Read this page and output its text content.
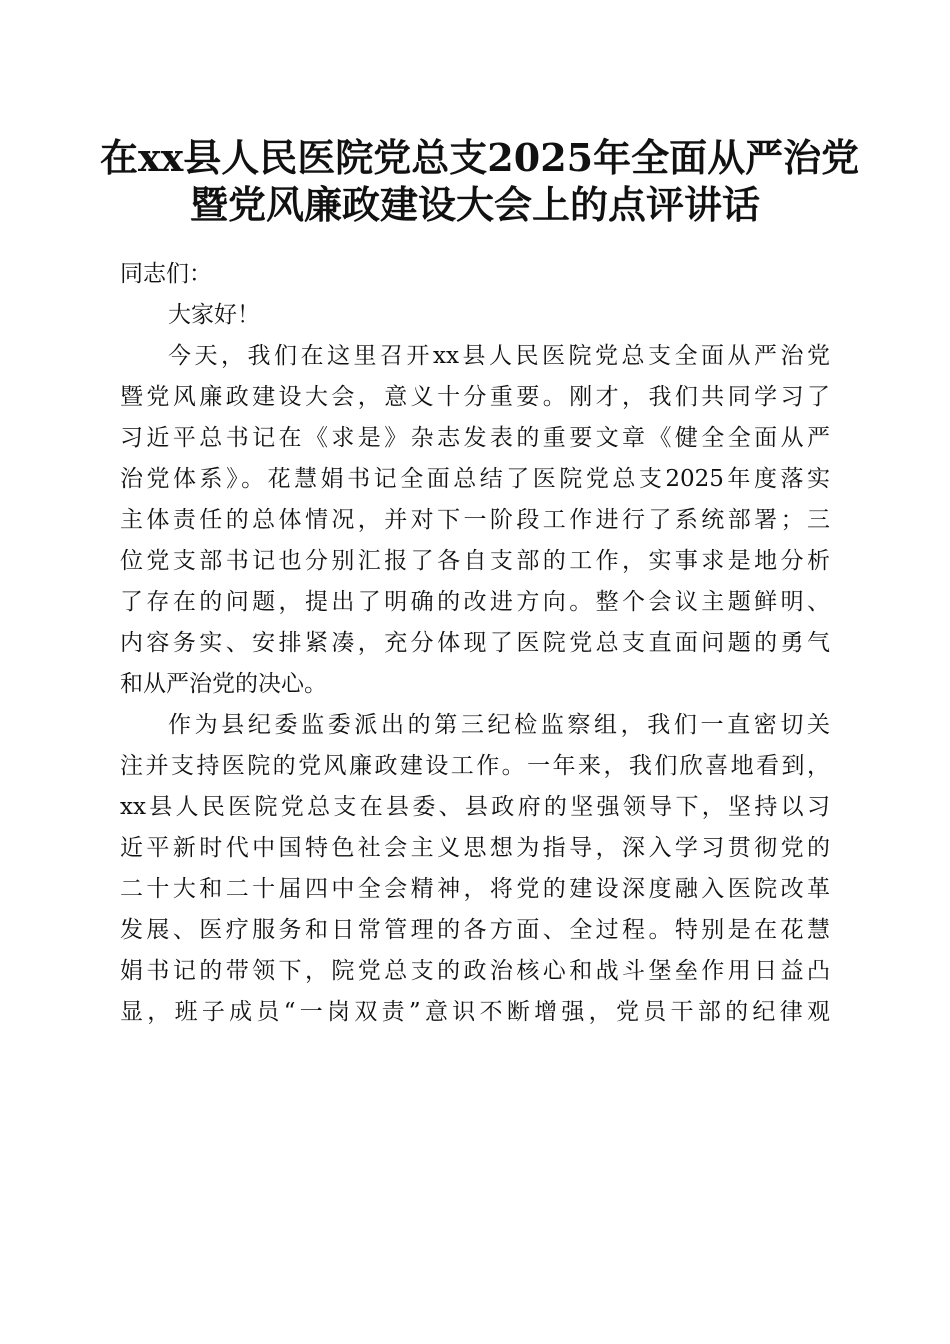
在xx县人民医院党总支2025年全面从严治党
暨党风廉政建设大会上的点评讲话
同志们：
大家好！
今天，我们在这里召开xx县人民医院党总支全面从严治党
暨党风廉政建设大会，意义十分重要。刚才，我们共同学习了
习近平总书记在《求是》杂志发表的重要文章《健全全面从严
治党体系》。花慧娟书记全面总结了医院党总支2025年度落实
主体责任的总体情况，并对下一阶段工作进行了系统部署；三
位党支部书记也分别汇报了各自支部的工作，实事求是地分析
了存在的问题，提出了明确的改进方向。整个会议主题鲜明、
内容务实、安排紧凑，充分体现了医院党总支直面问题的勇气
和从严治党的决心。
作为县纪委监委派出的第三纪检监察组，我们一直密切关
注并支持医院的党风廉政建设工作。一年来，我们欣喜地看到，
xx县人民医院党总支在县委、县政府的坚强领导下，坚持以习
近平新时代中国特色社会主义思想为指导，深入学习贯彻党的
二十大和二十届四中全会精神，将党的建设深度融入医院改革
发展、医疗服务和日常管理的各方面、全过程。特别是在花慧
娟书记的带领下，院党总支的政治核心和战斗堡垒作用日益凸
显，班子成员“一岗双责”意识不断增强，党员干部的纪律观
